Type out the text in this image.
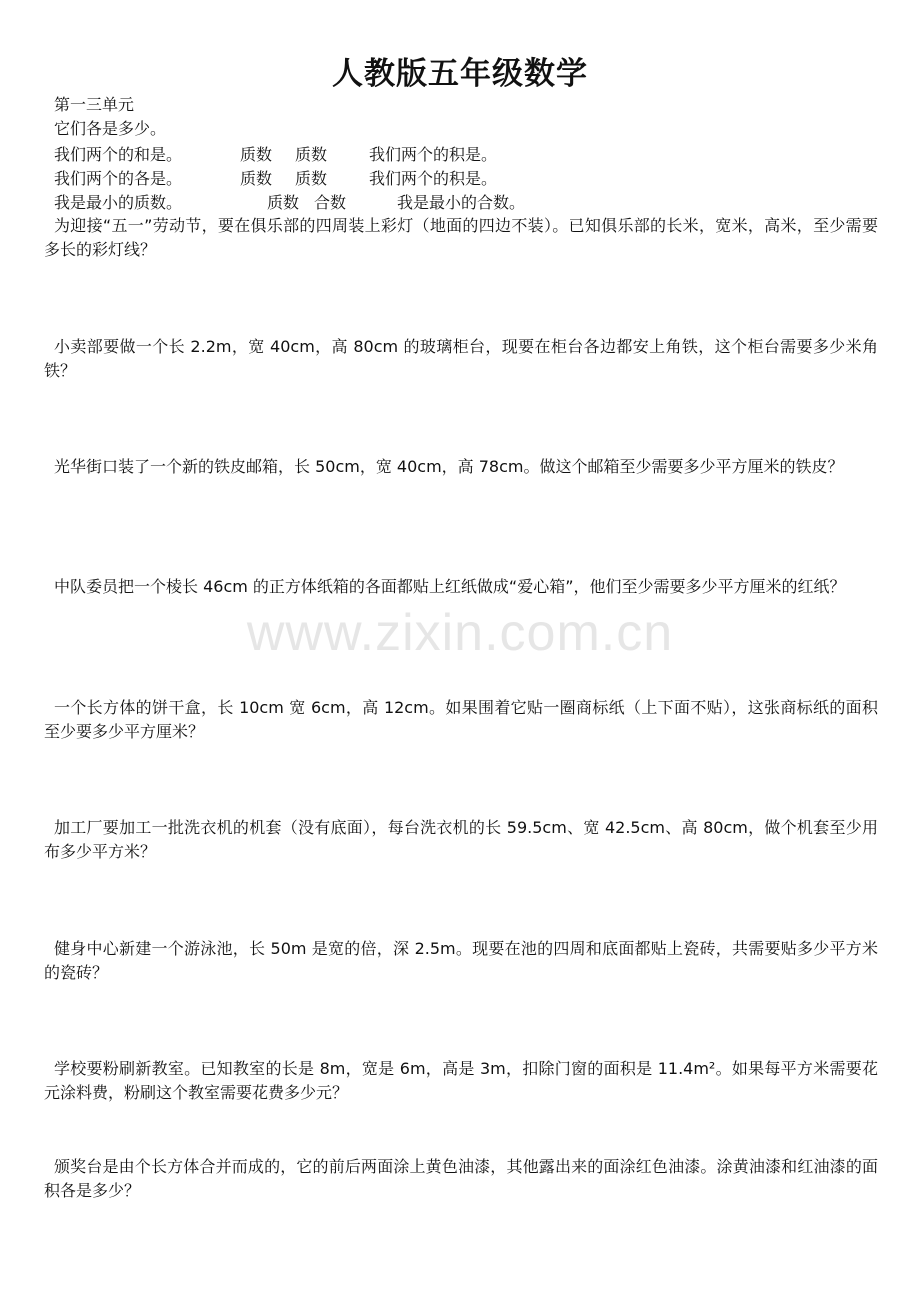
人教版五年级数学
第一三单元
它们各是多少。
我们两个的和是。	质数 质数	我们两个的积是。
我们两个的各是。	质数 质数	我们两个的积是。
我是最小的质数。	质数 合数	我是最小的合数。
为迎接“五一”劳动节，要在俱乐部的四周装上彩灯（地面的四边不装）。已知俱乐部的长米，宽米，高米，至少需要多长的彩灯线？
小卖部要做一个长 2.2m，宽 40cm，高 80cm 的玻璃柜台，现要在柜台各边都安上角铁，这个柜台需要多少米角铁？
光华街口装了一个新的铁皮邮箱，长 50cm，宽 40cm，高 78cm。做这个邮箱至少需要多少平方厘米的铁皮？
中队委员把一个棱长 46cm 的正方体纸箱的各面都贴上红纸做成“爱心箱”，他们至少需要多少平方厘米的红纸？
一个长方体的饼干盒，长 10cm 宽 6cm，高 12cm。如果围着它贴一圈商标纸（上下面不贴），这张商标纸的面积至少要多少平方厘米？
加工厂要加工一批洗衣机的机套（没有底面），每台洗衣机的长 59.5cm、宽 42.5cm、高 80cm，做个机套至少用布多少平方米？
健身中心新建一个游泳池，长 50m 是宽的倍，深 2.5m。现要在池的四周和底面都贴上瓷砖，共需要贴多少平方米的瓷砖？
学校要粉刷新教室。已知教室的长是 8m，宽是 6m，高是 3m，扣除门窗的面积是 11.4m²。如果每平方米需要花元涂料费，粉刷这个教室需要花费多少元？
颁奖台是由个长方体合并而成的，它的前后两面涂上黄色油漆，其他露出来的面涂红色油漆。涂黄油漆和红油漆的面积各是多少？
www.zixin.com.cn
